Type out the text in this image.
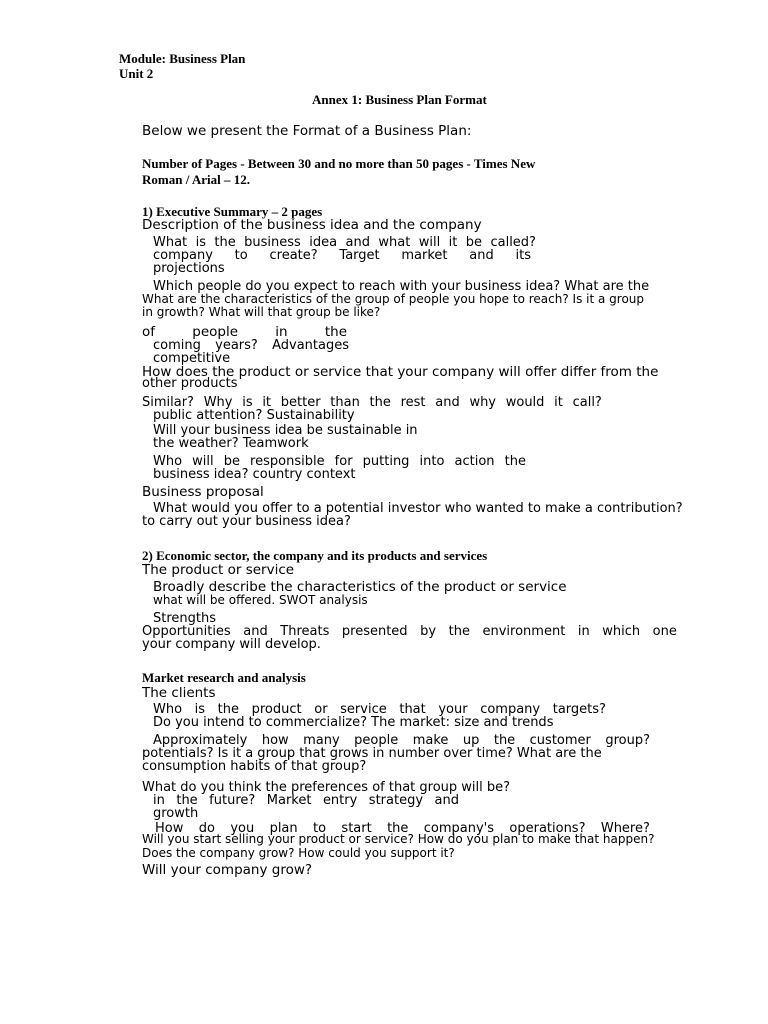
Module: Business Plan
Unit 2
Annex 1: Business Plan Format
Below we present the Format of a Business Plan:
Number of Pages - Between 30 and no more than 50 pages - Times New
Roman / Arial – 12.
1) Executive Summary – 2 pages
Description of the business idea and the company
What is the business idea and what will it be called?
company to create? Target market and its
projections
Which people do you expect to reach with your business idea? What are the
What are the characteristics of the group of people you hope to reach? Is it a group
in growth? What will that group be like?
of	people	in	the
coming years? Advantages
competitive
How does the product or service that your company will offer differ from the
other products
Similar? Why is it better than the rest and why would it call?
public attention? Sustainability
Will your business idea be sustainable in
the weather? Teamwork
Who will be responsible for putting into action the
business idea? country context
Business proposal
What would you offer to a potential investor who wanted to make a contribution?
to carry out your business idea?
2) Economic sector, the company and its products and services
The product or service
Broadly describe the characteristics of the product or service
what will be offered. SWOT analysis
Strengths
Opportunities and Threats presented by the environment in which one
your company will develop.
Market research and analysis
The clients
Who is the product or service that your company targets?
Do you intend to commercialize? The market: size and trends
Approximately how many people make up the customer group?
potentials? Is it a group that grows in number over time? What are the
consumption habits of that group?
What do you think the preferences of that group will be?
in the future? Market entry strategy and
growth
How do you plan to start the company's operations? Where?
Will you start selling your product or service? How do you plan to make that happen?
Does the company grow? How could you support it?
Will your company grow?
